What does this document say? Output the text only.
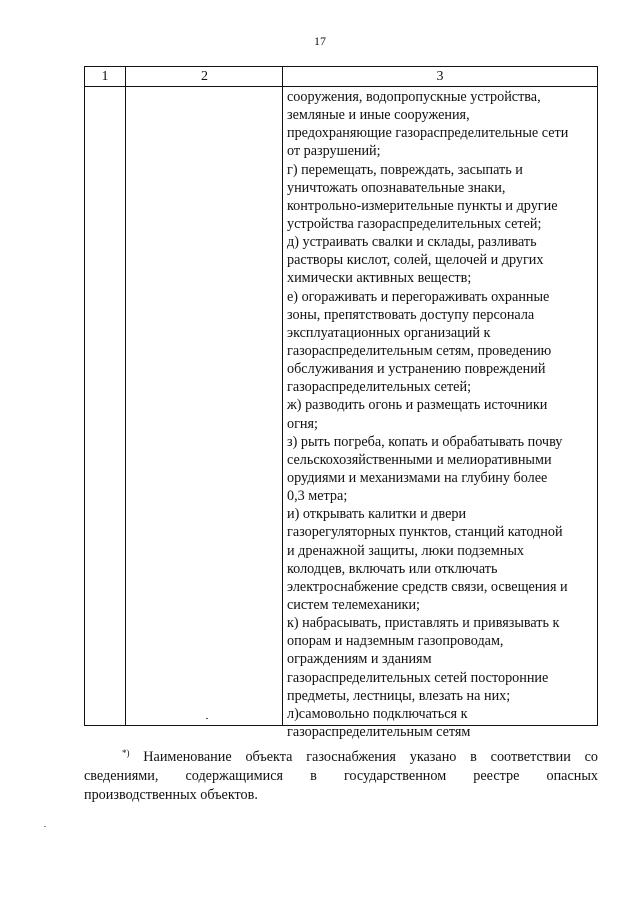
17
1	2	3
сооружения, водопропускные устройства,
земляные и иные сооружения,
предохраняющие газораспределительные сети
от разрушений;
г) перемещать, повреждать, засыпать и
уничтожать опознавательные знаки,
контрольно-измерительные пункты и другие
устройства газораспределительных сетей;
д) устраивать свалки и склады, разливать
растворы кислот, солей, щелочей и других
химически активных веществ;
е) огораживать и перегораживать охранные
зоны, препятствовать доступу персонала
эксплуатационных организаций к
газораспределительным сетям, проведению
обслуживания и устранению повреждений
газораспределительных сетей;
ж) разводить огонь и размещать источники
огня;
з) рыть погреба, копать и обрабатывать почву
сельскохозяйственными и мелиоративными
орудиями и механизмами на глубину более
0,3 метра;
и) открывать калитки и двери
газорегуляторных пунктов, станций катодной
и дренажной защиты, люки подземных
колодцев, включать или отключать
электроснабжение средств связи, освещения и
систем телемеханики;
к) набрасывать, приставлять и привязывать к
опорам и надземным газопроводам,
ограждениям и зданиям
газораспределительных сетей посторонние
предметы, лестницы, влезать на них;
л)самовольно подключаться к
газораспределительным сетям
*) Наименование объекта газоснабжения указано в соответствии со
сведениями, содержащимися в государственном реестре опасных
производственных объектов.
